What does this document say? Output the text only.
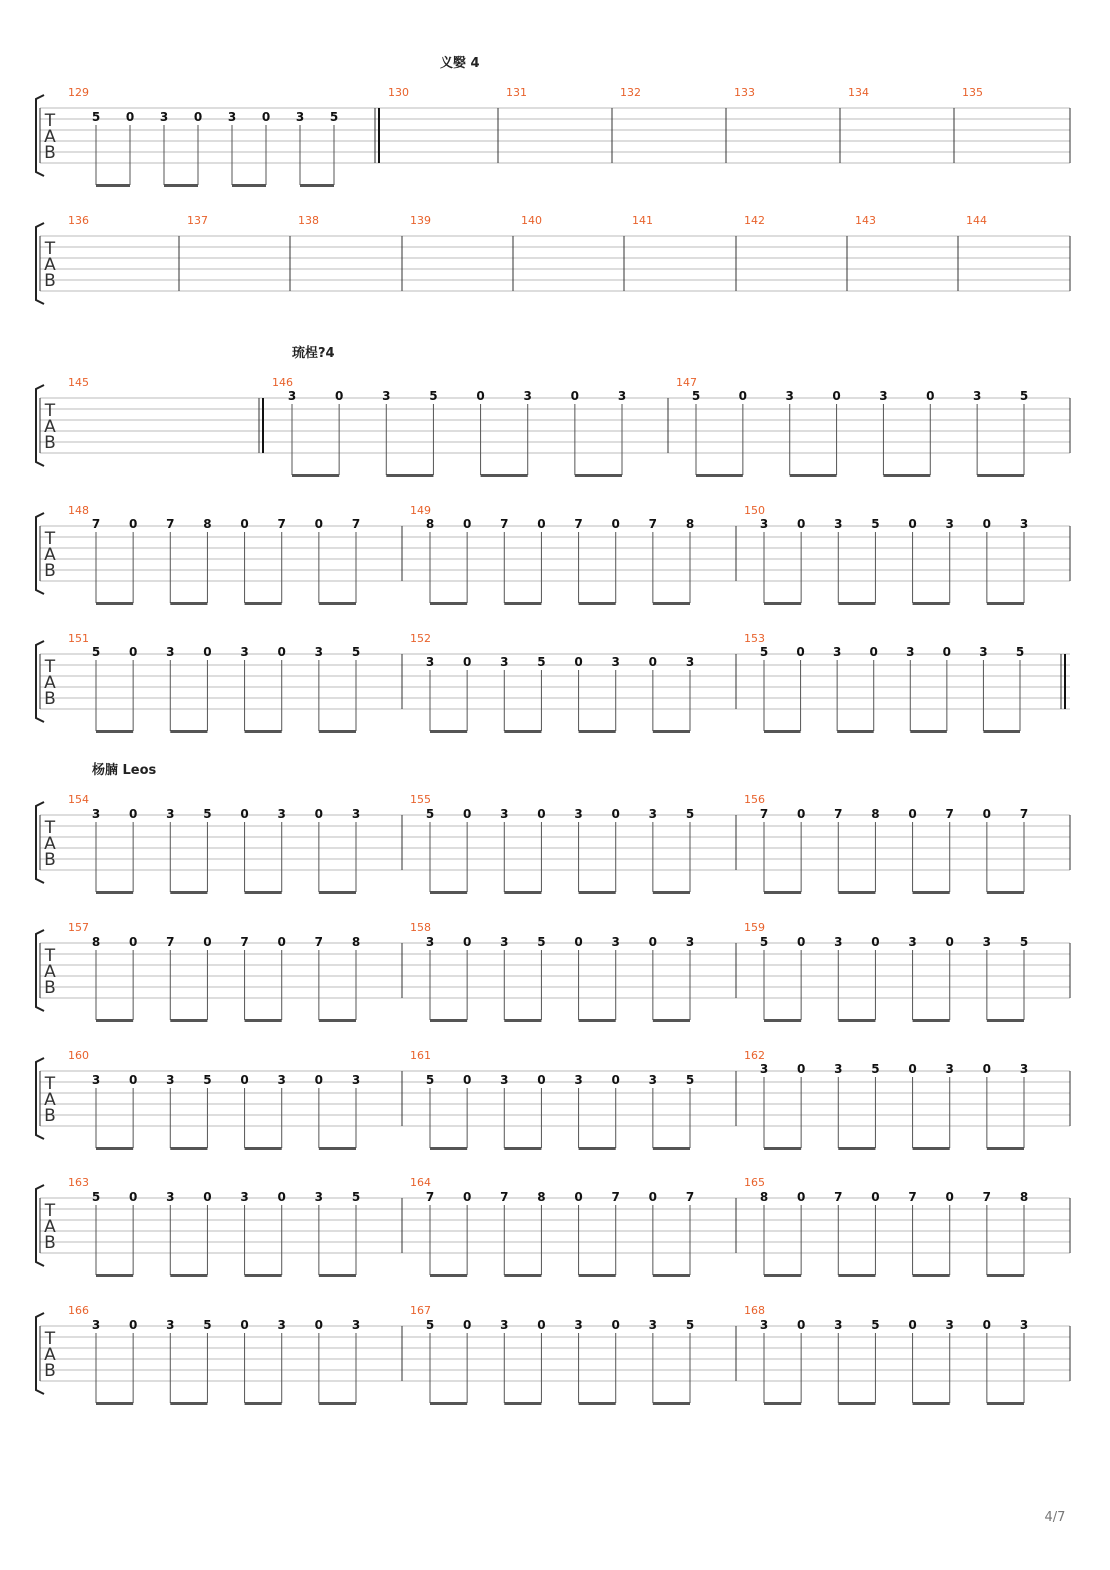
义嫛 4
T
A
B
129
5 0 3 0 3 0 3 5
130	131	132	133	134	135
T
A
B
136	137	138	139	140	141	142	143	144
琉桯?4
T
A
B
145	146
3	0	3	5	0	3	0	3
147
5	0	3	0	3	0	3	5
T
A
B
148
7 0 7 8 0 7 0 7
149
8 0 7 0 7 0 7 8
150
3 0 3 5 0 3 0 3
T
A
B
151
5 0 3 0 3 0 3 5
152
3 0 3 5 0 3 0 3
153
5 0 3 0 3 0 3 5
杨腩 Leos
T
A
B
154
3 0 3 5 0 3 0 3
155
5 0 3 0 3 0 3 5
156
7 0 7 8 0 7 0 7
T
A
B
157
8 0 7 0 7 0 7 8
158
3 0 3 5 0 3 0 3
159
5 0 3 0 3 0 3 5
T
A
B
160
3 0 3 5 0 3 0 3
161
5 0 3 0 3 0 3 5
162
3 0 3 5 0 3 0 3
T
A
B
163
5 0 3 0 3 0 3 5
164
7 0 7 8 0 7 0 7
165
8 0 7 0 7 0 7 8
T
A
B
166
3 0 3 5 0 3 0 3
167
5 0 3 0 3 0 3 5
168
3 0 3 5 0 3 0 3
4/7
